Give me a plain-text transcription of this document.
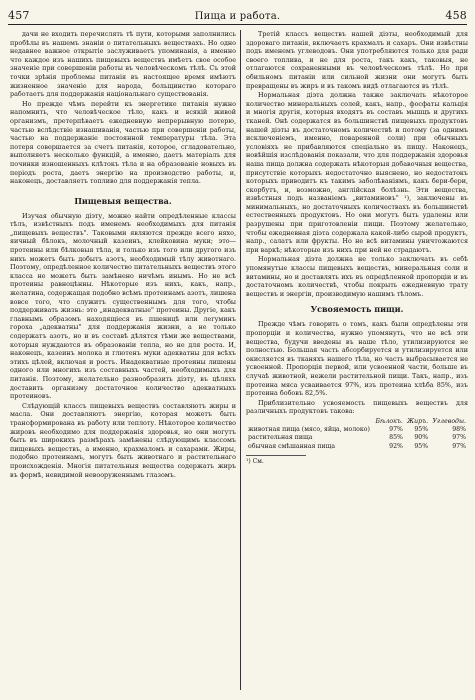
457	Пища и работа.	458

дачи не входить перечислять тѣ пути, которыми заполнились пробѣлы въ нашемъ знаніи о питательныхъ веществахъ. Но одно недавнее важное открытіе заслуживаетъ упоминанія, а именно что каждое изъ нашихъ пищевыхъ веществъ имѣетъ свое особое значеніе при совершеніи работы въ человѣческомъ тѣлѣ. Съ этой точки зрѣнія проблемы питанія въ настоящее время имѣютъ жизненное значеніе для народа, больщинство котораго работаетъ для поддержанія національнаго существованія.

Но прежде чѣмъ перейти къ энергетике питанія нужно напомнить, что человѣческое тѣло, какъ и всякій живой организмъ, претерпѣваетъ ежедневную непрерывную потерю, частью вслѣдствіе изнашиванія, частью при совершеніи работы, частью на поддержаніе постоянной температуры тѣла. Эта потеря совершается за счетъ питанія, которое, сгладовательно, выполняетъ несколько функцій, а именно, даетъ матеріалъ для починки изношенныхъ клѣтокъ тѣла и на образованіе новыхъ въ періодъ роста, даетъ энергію на производство работы, и, наконецъ, доставляетъ топливо для поддержанія тепла.

Пищевыя вещества.

Изучая обычную діэту, можно найти опредѣленные классы тѣлъ, извѣстныхъ подъ именемъ необходимыхъ для питанія „пищевыхъ веществъ". Таковыми являются прежде всего няхо, яичный бѣлокъ, молочный казеинъ, клейковина муки; это—протеины или бѣлковыя тѣла, и только изъ того или другого изъ нихъ можетъ быть добытъ азотъ, необходимый тѣлу животнаго. Поэтому, опредѣленное количество питательныхъ веществъ этого класса не можетъ быть замѣнено ничѣмъ инымъ. Но не всѣ протеины равноцѣнны. Нѣкоторые изъ нихъ, какъ, напр., желатина, содержащая подобно всѣмъ протеинамъ азотъ, лишена вовсе того, что служитъ существеннымъ для того, чтобы поддерживать жизнь: это „инадекватные" протеины. Другіе, какъ главнымъ образомъ находящіеся въ пшеницѣ или легуминъ гороха „адекватны" для поддержанія жизни, а не только содержатъ азотъ, но и въ составѣ дѣлятся тѣми же веществами, которыя нуждаются въ образованіи тепла, но не для роста. И, наконецъ, казеинъ молока и глютенъ муки адекватны для всѣхъ этихъ цѣлей, включая и ростъ. Инадекватные протеины лишены одного или многихъ изъ составныхъ частей, необходимыхъ для питанія. Поэтому, желательно разнообразить діэту, въ цѣляхъ доставить организму достаточное количество адекватныхъ протеиновъ.

Слѣдующій классъ пищевыхъ веществъ составляютъ жиры и масла. Они доставляютъ энергію, которая можетъ быть трансформирована въ работу или теплоту. Нѣкоторое количество жировъ необходимо для поддержанія здоровья, но они могутъ быть въ широкихъ размѣрахъ замѣнены слѣдующимъ классомъ пищевыхъ веществъ, а именно, крахмаломъ и сахарами. Жиры, подобно протеинамъ, могутъ быть животнаго и растительнаго происхожденія. Многія питательныя вещества содержатъ жиръ въ формѣ, невидимой невооруженнымъ глазомъ.

Третій классъ веществъ нашей діэты, необходимый для здороваго питанія, включаетъ крахмалъ и сахаръ. Они извѣстны подъ именемъ углеводовъ. Они употребляются только для ради своего топлива, и не для роста, такъ какъ, таковыя, не отлагаются сохраненными въ человѣческомъ тѣлѣ. Но при обильномъ питаніи или сильной жизни они могутъ быть превращены въ жиръ и въ такомъ видѣ отлагаются въ тѣлѣ.

Нормальная діэта должна также заключать нѣкоторое количество минеральныхъ солей, какъ, напр., фосфаты кальція и многія другія, которыя входятъ въ составъ мышцъ и другихъ тканей. Онѣ содержатся въ большинствѣ пищевыхъ продуктовъ нашей діэты въ достаточномъ количествѣ и потому (за однимъ исключеніемъ, именно, поваренной соли) при обычныхъ условіяхъ не прибавляются спеціально въ пищу. Наконецъ, новѣйшія изслѣдованія показали, что для поддержанія здоровья наша пища должна содержать нѣкоторыя добавочныя вещества, присутствіе которыхъ недостаточно выяснено, но недостатокъ которыхъ приводитъ къ такимъ заболѣваніямъ, какъ бери-бери, скорбутъ, и, возможно, англійская болѣзнь. Эти вещества, извѣстныя подъ названіемъ „витаминовъ" ¹), заключены въ минимальныхъ, но достаточныхъ количествахъ въ большинствѣ естественныхъ продуктовъ. Но они могутъ быть удалены или разрушены при приготовленіи пищи. Поэтому желательно, чтобы ежедневная діэта содержала какой-либо сырой продуктъ, напр., салатъ или фрукты. Но не всѣ витамины уничтожаются при варкѣ; нѣкоторые изъ нихъ при ней не страдаютъ.

Нормальная діэта должна не только заключать въ себѣ упомянутые классы пищевыхъ веществъ, минеральныя соли и витамины, но и доставлять ихъ въ опредѣленной пропорціи и въ достаточномъ количествѣ, чтобы покрыть ежедневную трату веществъ и энергіи, производимую нашимъ тѣломъ.

Усвояемость пищи.

Прежде чѣмъ говорить о томъ, какъ были опредѣлены эти пропорціи и количества, нужно упомянуть, что не всѣ эти вещества, будучи введены въ наше тѣло, утилизируются не полностью. Большая часть абсорбируется и утилизируется или окисляется въ тканяхъ нашего тѣла, но часть выбрасывается не усвоенной. Пропорція первой, или усвоенной части, больше въ случаѣ животной, нежели растительной пищи. Такъ, напр., изъ протеина мяса усваивается 97%, изъ протеина хлѣба 85%, изъ протеина бобовъ 82,5%.

Приблизительно усвояемость пищевыхъ веществъ для различныхъ продуктовъ такова:

	Бѣлокъ.	Жиръ.	Углеводы.
животная пища (мясо, яйца, молоко)	97%	95%	98%
растительная пища	85%	90%	97%
обычная смѣшанная пища	92%	95%	97%
¹) См.
